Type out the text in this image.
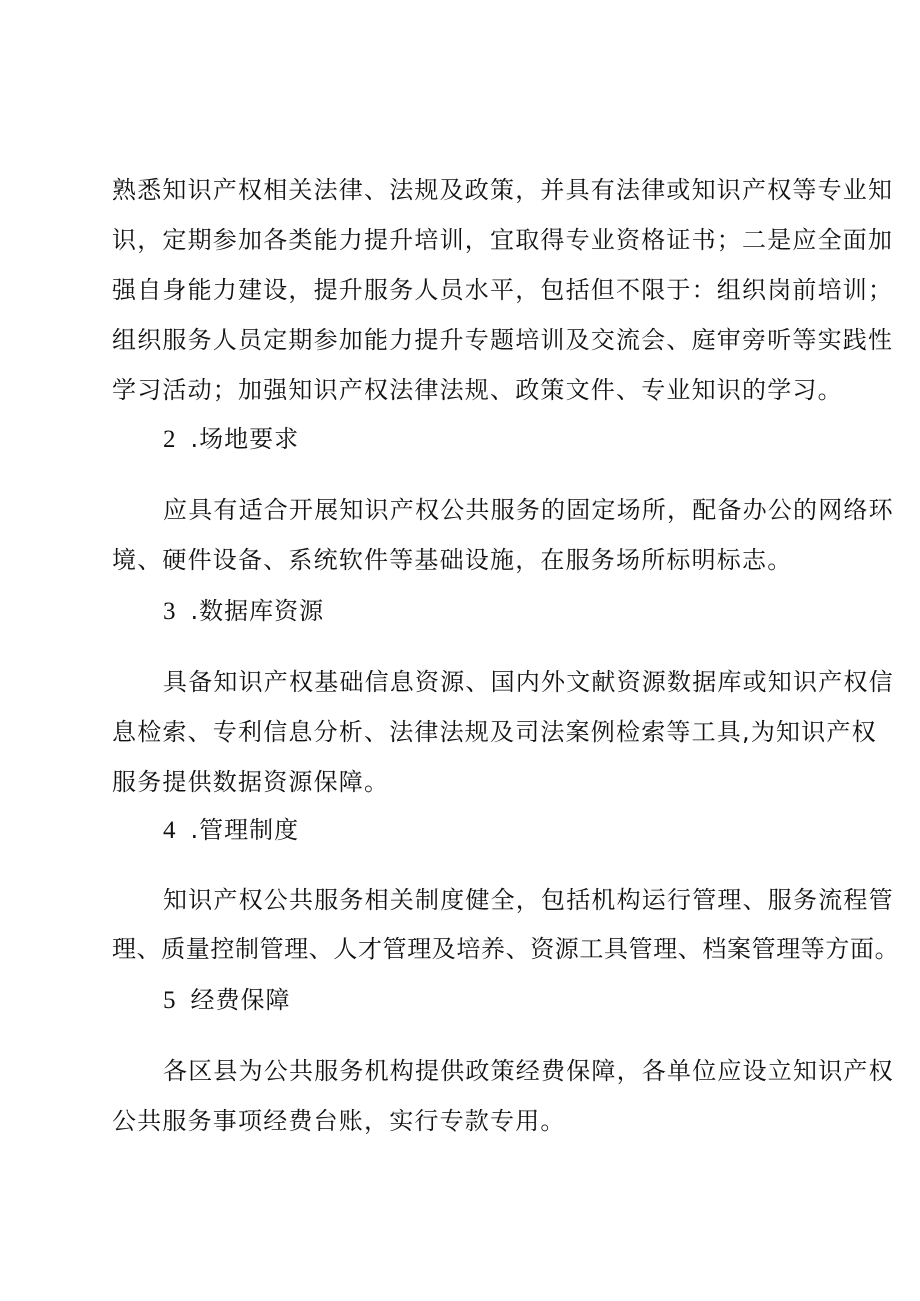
熟悉知识产权相关法律、法规及政策，并具有法律或知识产权等专业知
识，定期参加各类能力提升培训，宜取得专业资格证书；二是应全面加
强自身能力建设，提升服务人员水平，包括但不限于：组织岗前培训；
组织服务人员定期参加能力提升专题培训及交流会、庭审旁听等实践性
学习活动；加强知识产权法律法规、政策文件、专业知识的学习。
2 .场地要求
应具有适合开展知识产权公共服务的固定场所，配备办公的网络环
境、硬件设备、系统软件等基础设施，在服务场所标明标志。
3 .数据库资源
具备知识产权基础信息资源、国内外文献资源数据库或知识产权信
息检索、专利信息分析、法律法规及司法案例检索等工具,为知识产权
服务提供数据资源保障。
4 .管理制度
知识产权公共服务相关制度健全，包括机构运行管理、服务流程管
理、质量控制管理、人才管理及培养、资源工具管理、档案管理等方面。
5 经费保障
各区县为公共服务机构提供政策经费保障，各单位应设立知识产权
公共服务事项经费台账，实行专款专用。
